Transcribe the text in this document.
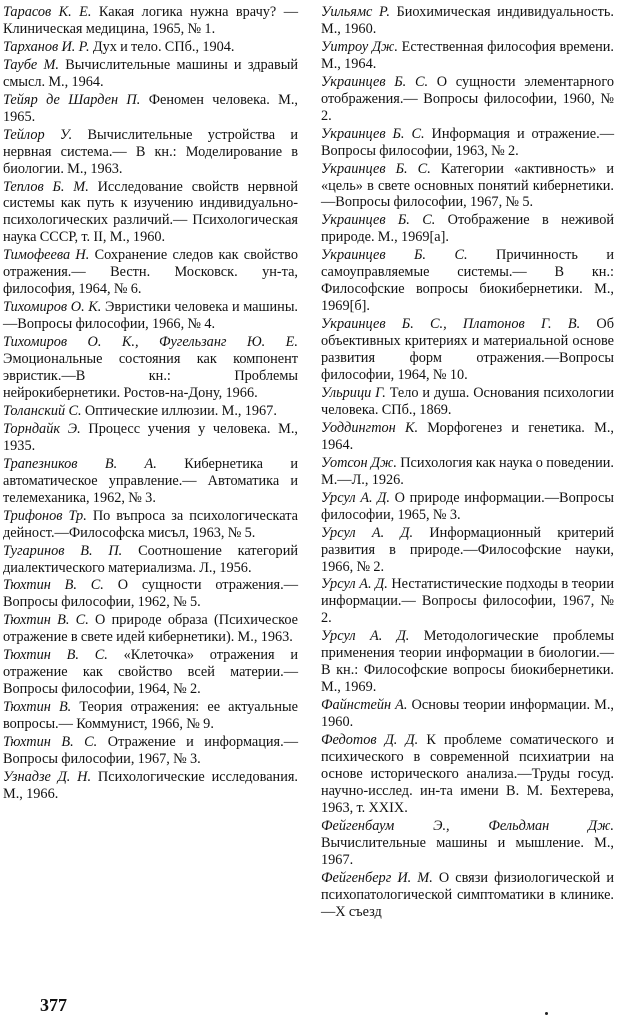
Тарасов К. Е. Какая логика нужна врачу? — Клиническая медицина, 1965, № 1.

Тарханов И. Р. Дух и тело. СПб., 1904.

Таубе М. Вычислительные машины и здравый смысл. М., 1964.

Тейяр де Шарден П. Феномен человека. М., 1965.

Тейлор У. Вычислительные устройства и нервная система.— В кн.: Моделирование в биологии. М., 1963.

Теплов Б. М. Исследование свойств нервной системы как путь к изучению индивидуально-психологических различий.— Психологическая наука СССР, т. II, М., 1960.

Тимофеева Н. Сохранение следов как свойство отражения.— Вестн. Московск. ун-та, философия, 1964, № 6.

Тихомиров О. К. Эвристики человека и машины.—Вопросы философии, 1966, № 4.

Тихомиров О. К., Фугельзанг Ю. Е. Эмоциональные состояния как компонент эвристик.—В кн.: Проблемы нейрокибернетики. Ростов-на-Дону, 1966.

Толанский С. Оптические иллюзии. М., 1967.

Торндайк Э. Процесс учения у человека. М., 1935.

Трапезников В. А. Кибернетика и автоматическое управление.— Автоматика и телемеханика, 1962, № 3.

Трифонов Тр. По въпроса за психологическата дейност.—Философска мисъл, 1963, № 5.

Тугаринов В. П. Соотношение категорий диалектического материализма. Л., 1956.

Тюхтин В. С. О сущности отражения.— Вопросы философии, 1962, № 5.

Тюхтин В. С. О природе образа (Психическое отражение в свете идей кибернетики). М., 1963.

Тюхтин В. С. «Клеточка» отражения и отражение как свойство всей материи.—Вопросы философии, 1964, № 2.

Тюхтин В. Теория отражения: ее актуальные вопросы.— Коммунист, 1966, № 9.

Тюхтин В. С. Отражение и информация.—Вопросы философии, 1967, № 3.

Узнадзе Д. Н. Психологические исследования. М., 1966.

Уильямс Р. Биохимическая индивидуальность. М., 1960.

Уитроу Дж. Естественная философия времени. М., 1964.

Украинцев Б. С. О сущности элементарного отображения.— Вопросы философии, 1960, № 2.

Украинцев Б. С. Информация и отражение.—Вопросы философии, 1963, № 2.

Украинцев Б. С. Категории «активность» и «цель» в свете основных понятий кибернетики.—Вопросы философии, 1967, № 5.

Украинцев Б. С. Отображение в неживой природе. М., 1969[а].

Украинцев Б. С. Причинность и самоуправляемые системы.— В кн.: Философские вопросы биокибернетики. М., 1969[б].

Украинцев Б. С., Платонов Г. В. Об объективных критериях и материальной основе развития форм отражения.—Вопросы философии, 1964, № 10.

Ульрици Г. Тело и душа. Основания психологии человека. СПб., 1869.

Уоддингтон К. Морфогенез и генетика. М., 1964.

Уотсон Дж. Психология как наука о поведении. М.—Л., 1926.

Урсул А. Д. О природе информации.—Вопросы философии, 1965, № 3.

Урсул А. Д. Информационный критерий развития в природе.—Философские науки, 1966, № 2.

Урсул А. Д. Нестатистические подходы в теории информации.— Вопросы философии, 1967, № 2.

Урсул А. Д. Методологические проблемы применения теории информации в биологии.— В кн.: Философские вопросы биокибернетики. М., 1969.

Файнстейн А. Основы теории информации. М., 1960.

Федотов Д. Д. К проблеме соматического и психического в современной психиатрии на основе исторического анализа.—Труды госуд. научно-исслед. ин-та имени В. М. Бехтерева, 1963, т. XXIX.

Фейгенбаум Э., Фельдман Дж. Вычислительные машины и мышление. М., 1967.

Фейгенберг И. М. О связи физиологической и психопатологической симптоматики в клинике.—X съезд

377
